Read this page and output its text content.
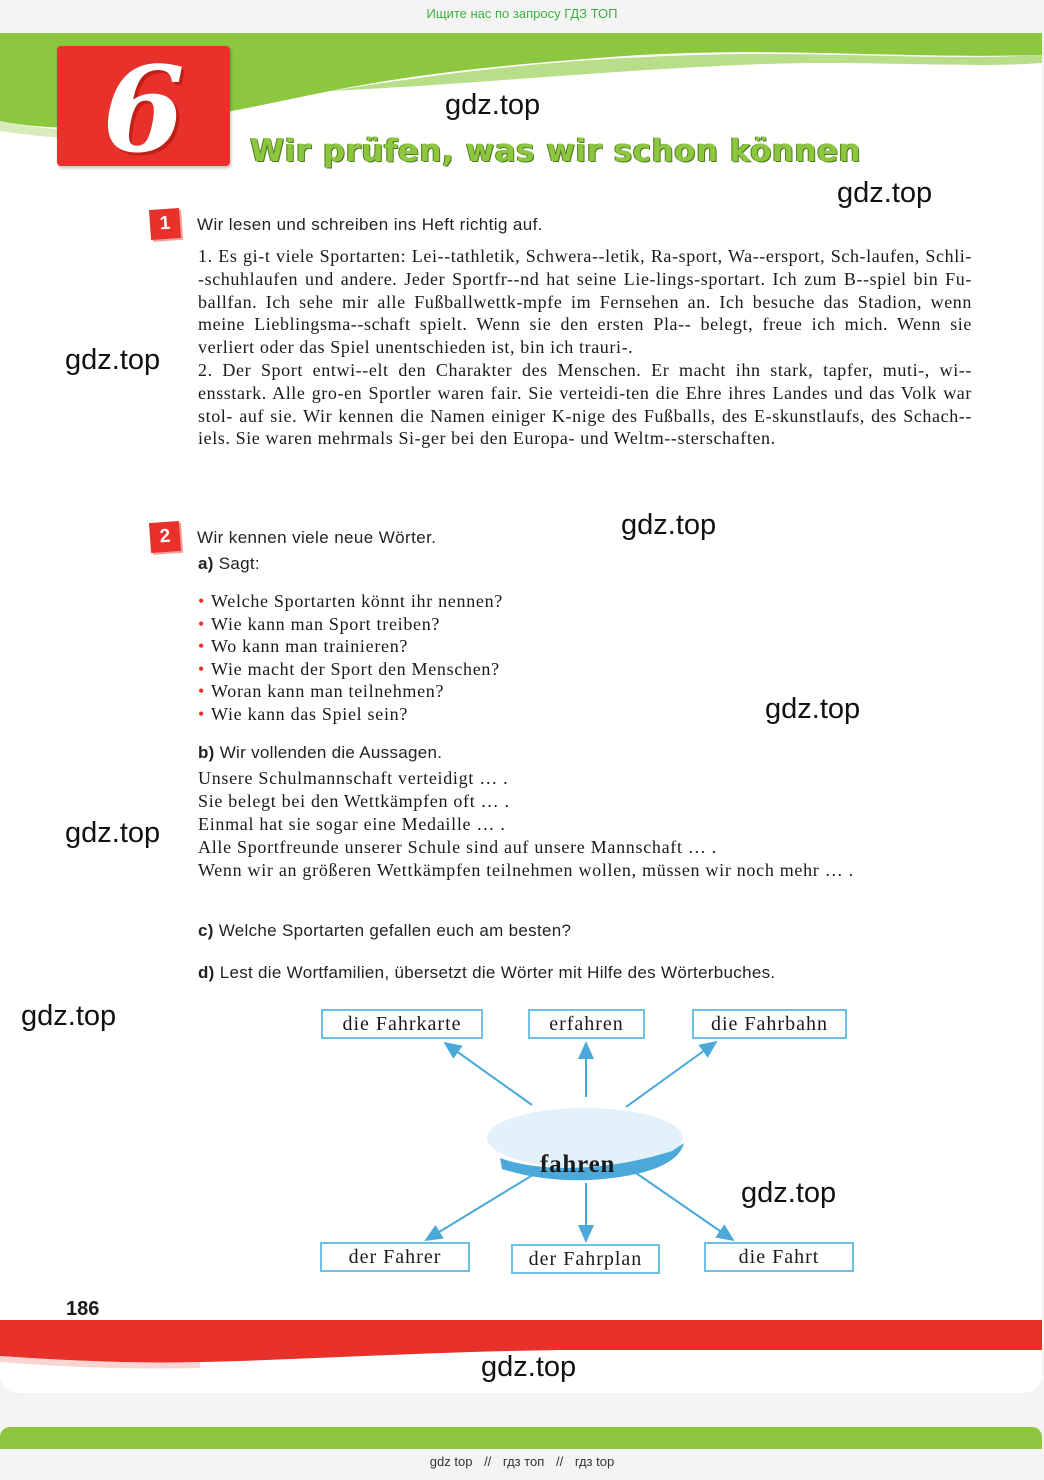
Ищите нас по запросу ГДЗ ТОП
6	gdz.top
Wir prüfen, was wir schon können
gdz.top
1	Wir lesen und schreiben ins Heft richtig auf.
1. Es gi-t viele Sportarten: Lei--tathletik, Schwera--letik, Ra-sport, Wa--ersport, Sch-laufen, Schli--schuhlaufen und andere. Jeder Sportfr--nd hat seine Lie-lings-sportart. Ich zum B--spiel bin Fu-ballfan. Ich sehe mir alle Fußballwettk-mpfe im Fernsehen an. Ich besuche das Stadion, wenn meine Lieblingsma--schaft spielt. Wenn sie den ersten Pla-- belegt, freue ich mich. Wenn sie verliert oder das Spiel unentschieden ist, bin ich trauri-.
2. Der Sport entwi--elt den Charakter des Menschen. Er macht ihn stark, tapfer, muti-, wi--ensstark. Alle gro-en Sportler waren fair. Sie verteidi-ten die Ehre ihres Landes und das Volk war stol- auf sie. Wir kennen die Namen einiger K-nige des Fußballs, des E-skunstlaufs, des Schach--iels. Sie waren mehrmals Si-ger bei den Europa- und Weltm--sterschaften.
gdz.top
2	Wir kennen viele neue Wörter.	gdz.top
a) Sagt:
• Welche Sportarten könnt ihr nennen?
• Wie kann man Sport treiben?
• Wo kann man trainieren?
• Wie macht der Sport den Menschen?
• Woran kann man teilnehmen?
• Wie kann das Spiel sein?	gdz.top
b) Wir vollenden die Aussagen.
Unsere Schulmannschaft verteidigt … .
Sie belegt bei den Wettkämpfen oft … .
Einmal hat sie sogar eine Medaille … .
Alle Sportfreunde unserer Schule sind auf unsere Mannschaft … .
Wenn wir an größeren Wettkämpfen teilnehmen wollen, müssen wir noch mehr … .
gdz.top
c) Welche Sportarten gefallen euch am besten?
d) Lest die Wortfamilien, übersetzt die Wörter mit Hilfe des Wörterbuches.
gdz.top
fahren
die Fahrkarte	erfahren	die Fahrbahn
der Fahrer	der Fahrplan	die Fahrt
gdz.top
186
gdz.top
gdz top // гдз топ // гдз top
